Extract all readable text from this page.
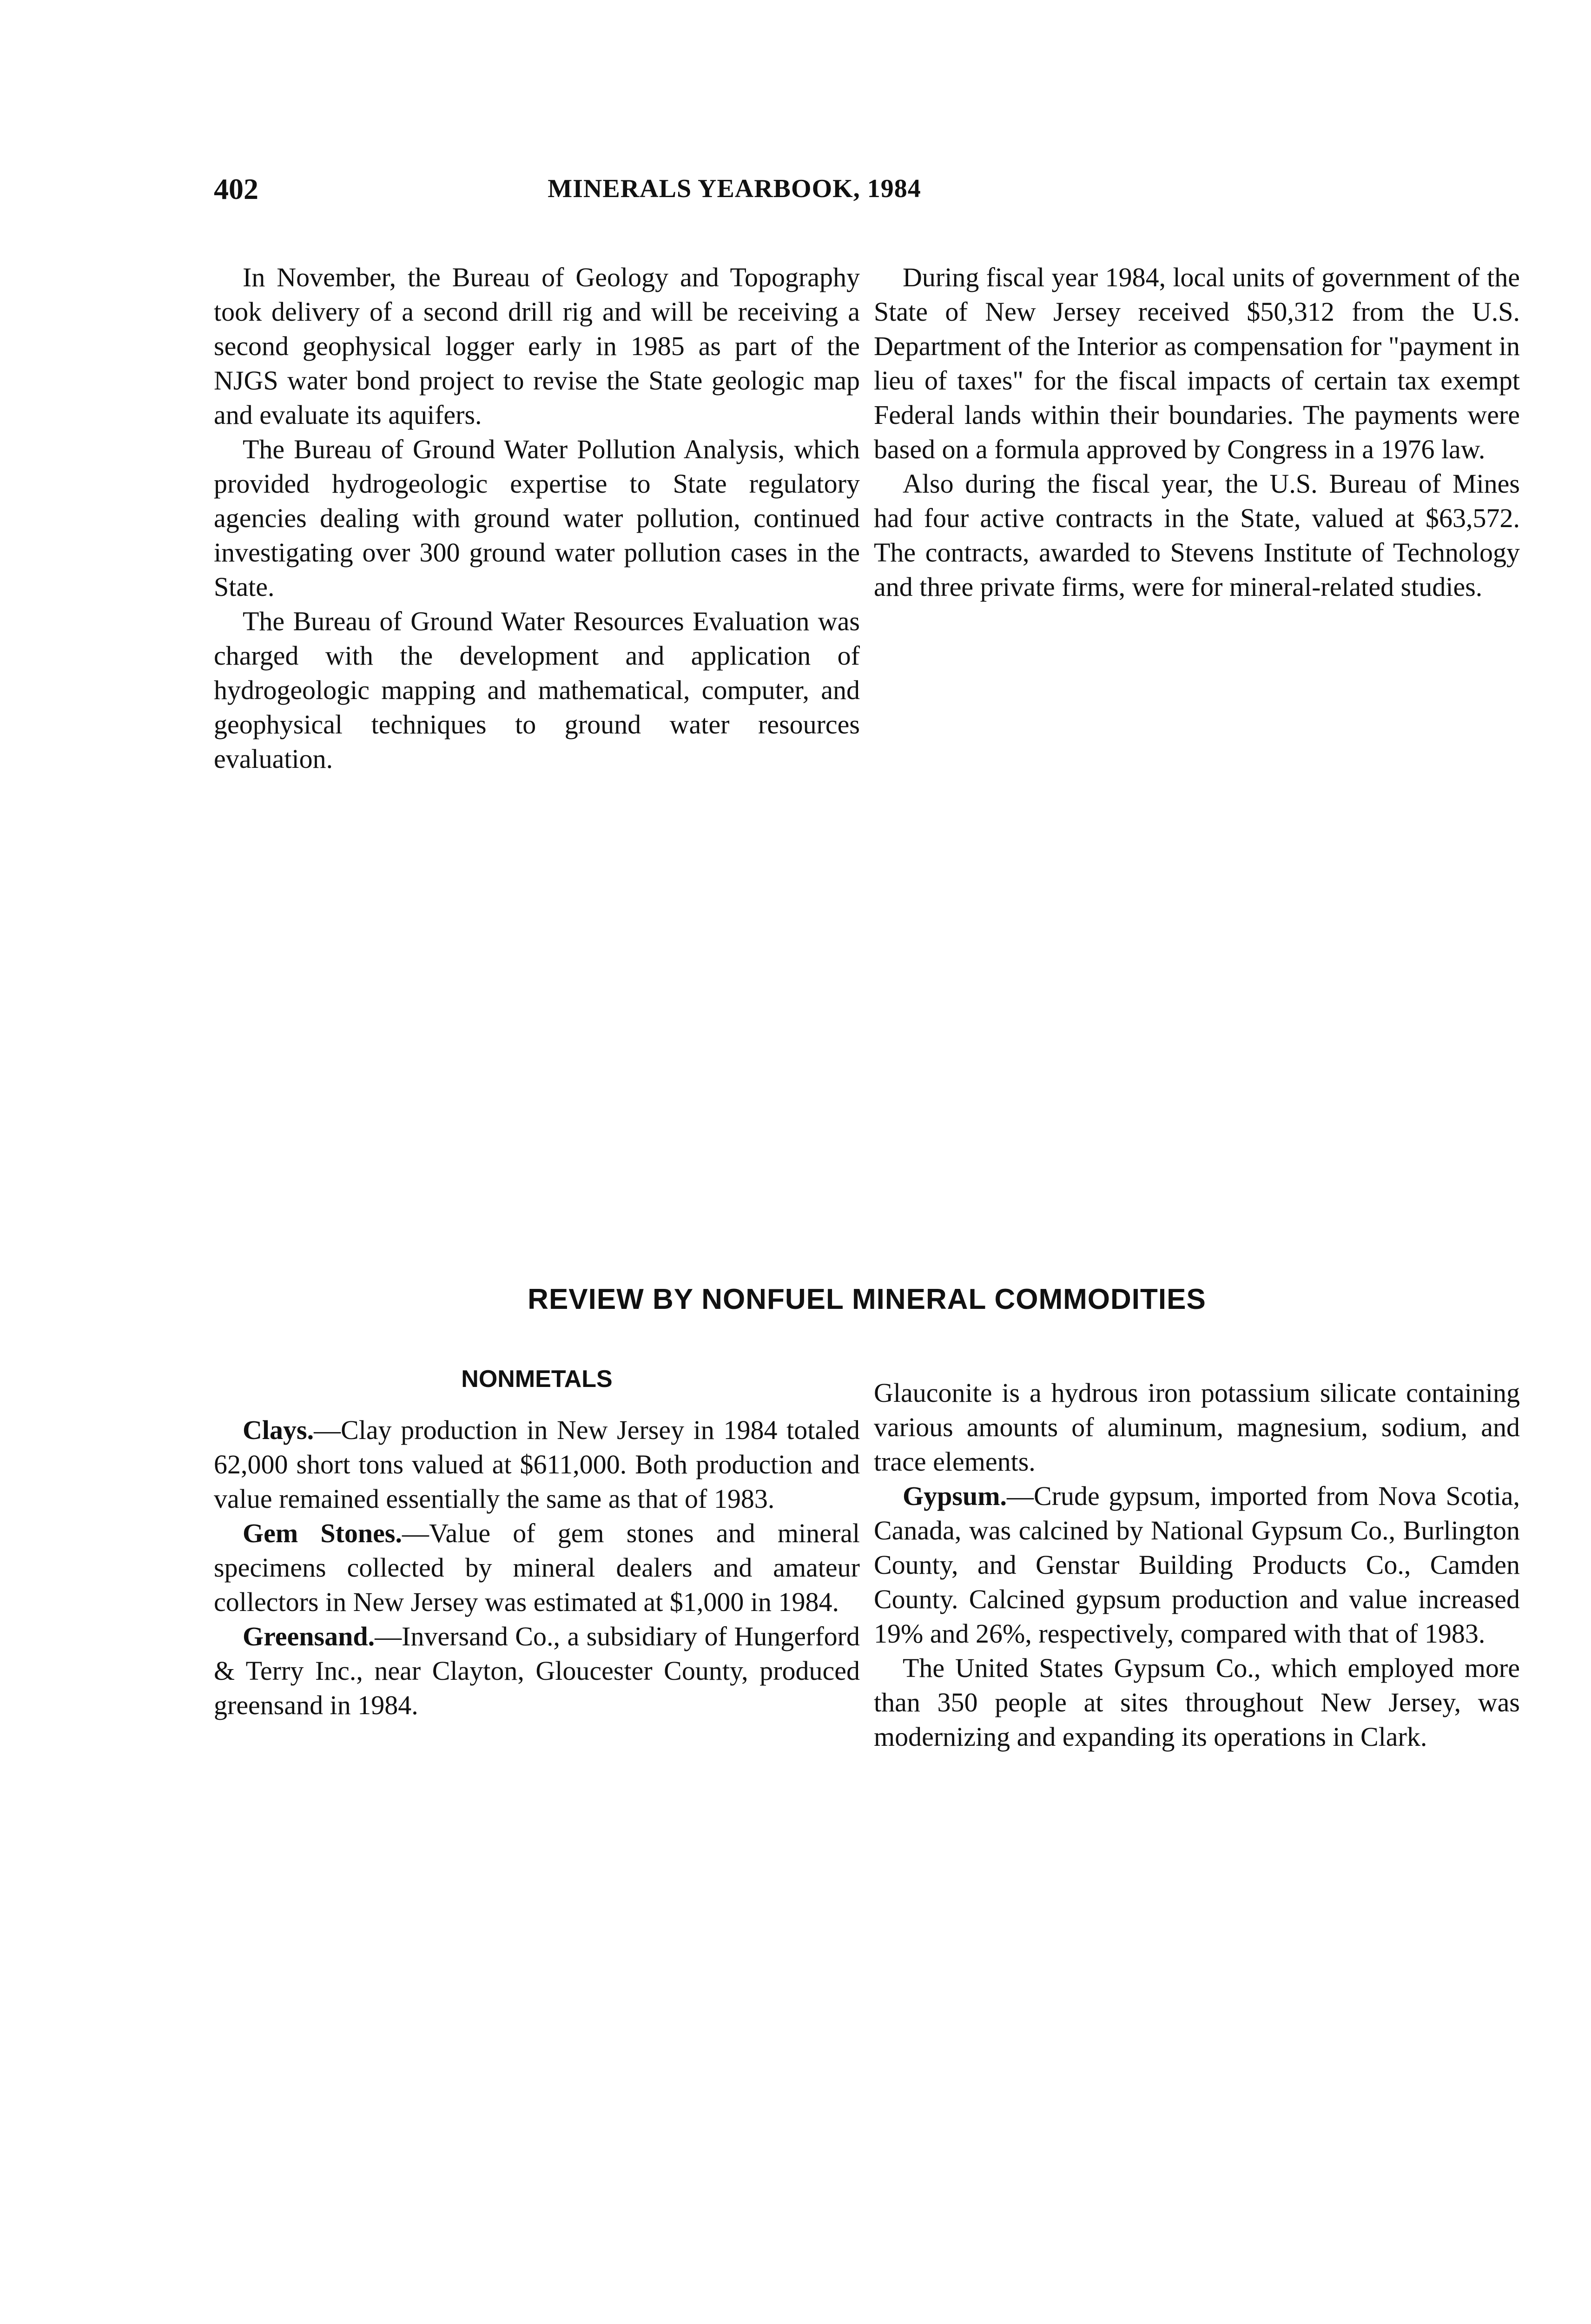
402	MINERALS YEARBOOK, 1984

In November, the Bureau of Geology and Topography took delivery of a second drill rig and will be receiving a second geophysical logger early in 1985 as part of the NJGS water bond project to revise the State geologic map and evaluate its aquifers.

The Bureau of Ground Water Pollution Analysis, which provided hydrogeologic expertise to State regulatory agencies dealing with ground water pollution, continued investigating over 300 ground water pollution cases in the State.

The Bureau of Ground Water Resources Evaluation was charged with the development and application of hydrogeologic mapping and mathematical, computer, and geophysical techniques to ground water resources evaluation.

During fiscal year 1984, local units of government of the State of New Jersey received $50,312 from the U.S. Department of the Interior as compensation for "payment in lieu of taxes" for the fiscal impacts of certain tax exempt Federal lands within their boundaries. The payments were based on a formula approved by Congress in a 1976 law.

Also during the fiscal year, the U.S. Bureau of Mines had four active contracts in the State, valued at $63,572. The contracts, awarded to Stevens Institute of Technology and three private firms, were for mineral-related studies.

REVIEW BY NONFUEL MINERAL COMMODITIES
NONMETALS

Clays.—Clay production in New Jersey in 1984 totaled 62,000 short tons valued at $611,000. Both production and value remained essentially the same as that of 1983.

Gem Stones.—Value of gem stones and mineral specimens collected by mineral dealers and amateur collectors in New Jersey was estimated at $1,000 in 1984.

Greensand.—Inversand Co., a subsidiary of Hungerford & Terry Inc., near Clayton, Gloucester County, produced greensand in 1984.

Glauconite is a hydrous iron potassium silicate containing various amounts of aluminum, magnesium, sodium, and trace elements.

Gypsum.—Crude gypsum, imported from Nova Scotia, Canada, was calcined by National Gypsum Co., Burlington County, and Genstar Building Products Co., Camden County. Calcined gypsum production and value increased 19% and 26%, respectively, compared with that of 1983.

The United States Gypsum Co., which employed more than 350 people at sites throughout New Jersey, was modernizing and expanding its operations in Clark.
